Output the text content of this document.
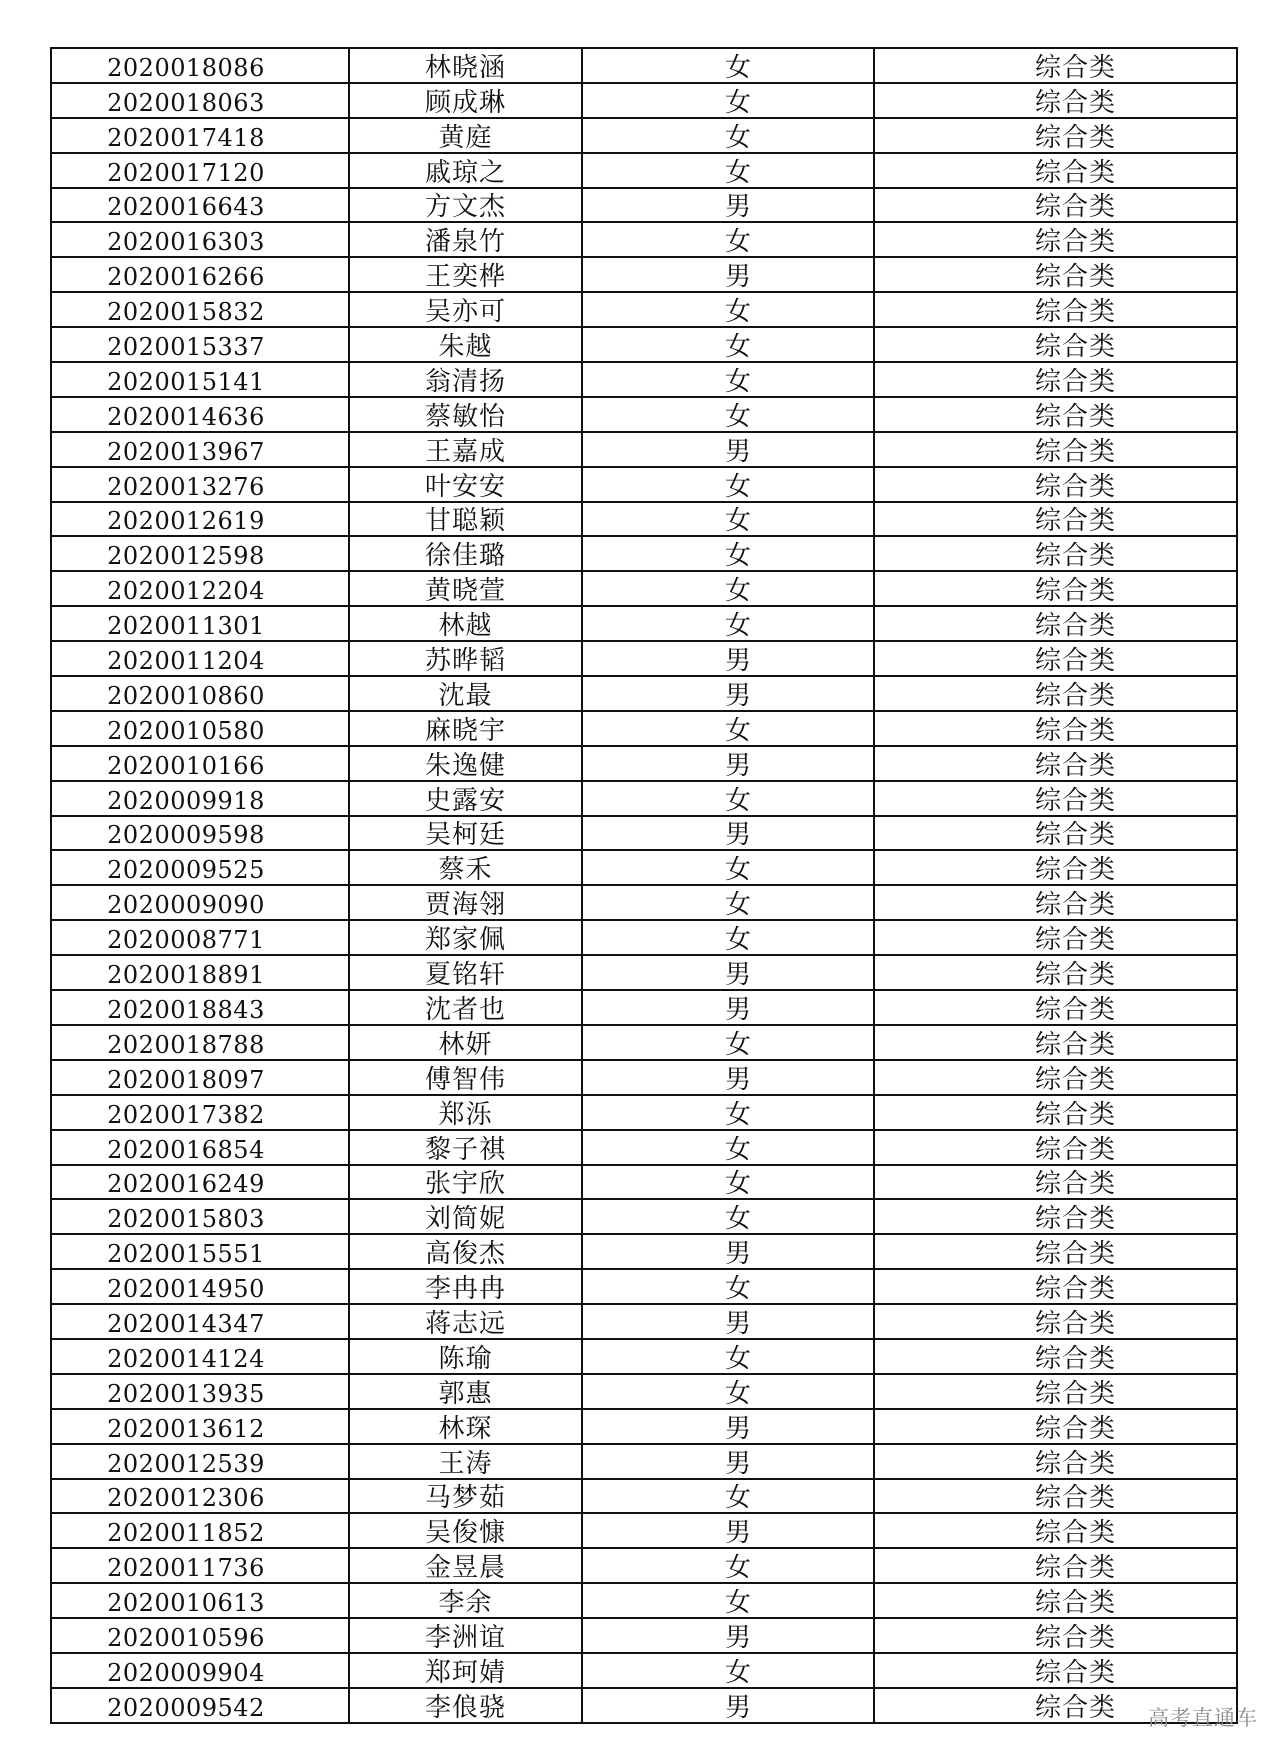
2020018086	林晓涵	女	综合类
2020018063	顾成琳	女	综合类
2020017418	黄庭	女	综合类
2020017120	戚琼之	女	综合类
2020016643	方文杰	男	综合类
2020016303	潘泉竹	女	综合类
2020016266	王奕桦	男	综合类
2020015832	吴亦可	女	综合类
2020015337	朱越	女	综合类
2020015141	翁清扬	女	综合类
2020014636	蔡敏怡	女	综合类
2020013967	王嘉成	男	综合类
2020013276	叶安安	女	综合类
2020012619	甘聪颖	女	综合类
2020012598	徐佳璐	女	综合类
2020012204	黄晓萱	女	综合类
2020011301	林越	女	综合类
2020011204	苏晔韬	男	综合类
2020010860	沈最	男	综合类
2020010580	麻晓宇	女	综合类
2020010166	朱逸健	男	综合类
2020009918	史露安	女	综合类
2020009598	吴柯廷	男	综合类
2020009525	蔡禾	女	综合类
2020009090	贾海翎	女	综合类
2020008771	郑家佩	女	综合类
2020018891	夏铭轩	男	综合类
2020018843	沈者也	男	综合类
2020018788	林妍	女	综合类
2020018097	傅智伟	男	综合类
2020017382	郑泺	女	综合类
2020016854	黎子祺	女	综合类
2020016249	张宇欣	女	综合类
2020015803	刘简妮	女	综合类
2020015551	高俊杰	男	综合类
2020014950	李冉冉	女	综合类
2020014347	蒋志远	男	综合类
2020014124	陈瑜	女	综合类
2020013935	郭惠	女	综合类
2020013612	林琛	男	综合类
2020012539	王涛	男	综合类
2020012306	马梦茹	女	综合类
2020011852	吴俊慷	男	综合类
2020011736	金昱晨	女	综合类
2020010613	李余	女	综合类
2020010596	李洲谊	男	综合类
2020009904	郑珂婧	女	综合类
2020009542	李俍骁	男	综合类 高考直通车
